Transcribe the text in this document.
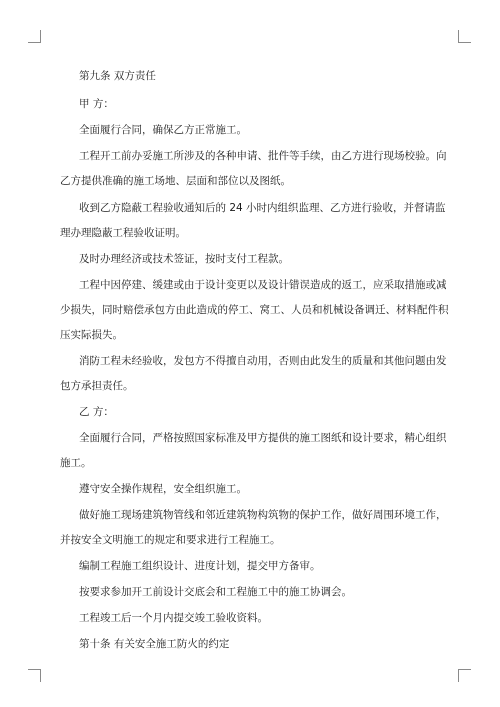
第九条 双方责任
甲 方：
全面履行合同，确保乙方正常施工。
工程开工前办妥施工所涉及的各种申请、批件等手续，由乙方进行现场校验。向
乙方提供准确的施工场地、层面和部位以及图纸。
收到乙方隐蔽工程验收通知后的 24 小时内组织监理、乙方进行验收，并督请监
理办理隐蔽工程验收证明。
及时办理经济或技术签证，按时支付工程款。
工程中因停建、缓建或由于设计变更以及设计错误造成的返工，应采取措施或减
少损失，同时赔偿承包方由此造成的停工、窝工、人员和机械设备调迁、材料配件积
压实际损失。
消防工程未经验收，发包方不得擅自动用，否则由此发生的质量和其他问题由发
包方承担责任。
乙 方：
全面履行合同，严格按照国家标准及甲方提供的施工图纸和设计要求，精心组织
施工。
遵守安全操作规程，安全组织施工。
做好施工现场建筑物管线和邻近建筑物构筑物的保护工作，做好周围环境工作，
并按安全文明施工的规定和要求进行工程施工。
编制工程施工组织设计、进度计划，提交甲方备审。
按要求参加开工前设计交底会和工程施工中的施工协调会。
工程竣工后一个月内提交竣工验收资料。
第十条 有关安全施工防火的约定
